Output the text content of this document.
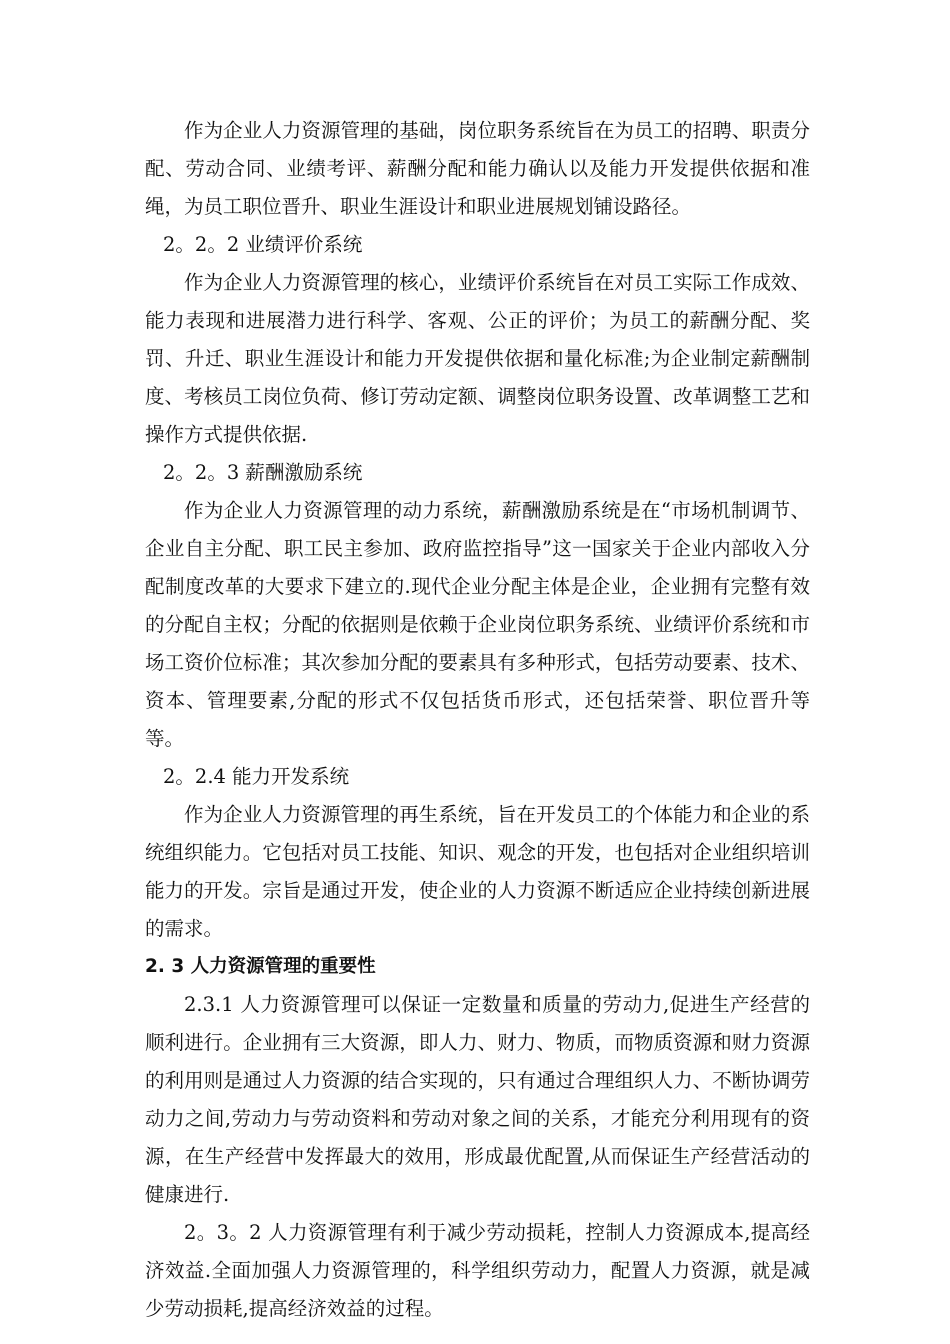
作为企业人力资源管理的基础，岗位职务系统旨在为员工的招聘、职责分配、劳动合同、业绩考评、薪酬分配和能力确认以及能力开发提供依据和准绳，为员工职位晋升、职业生涯设计和职业进展规划铺设路径。

2。2。2 业绩评价系统

作为企业人力资源管理的核心，业绩评价系统旨在对员工实际工作成效、能力表现和进展潜力进行科学、客观、公正的评价；为员工的薪酬分配、奖罚、升迁、职业生涯设计和能力开发提供依据和量化标准;为企业制定薪酬制度、考核员工岗位负荷、修订劳动定额、调整岗位职务设置、改革调整工艺和操作方式提供依据.

2。2。3 薪酬激励系统

作为企业人力资源管理的动力系统，薪酬激励系统是在“市场机制调节、企业自主分配、职工民主参加、政府监控指导”这一国家关于企业内部收入分配制度改革的大要求下建立的.现代企业分配主体是企业，企业拥有完整有效的分配自主权；分配的依据则是依赖于企业岗位职务系统、业绩评价系统和市场工资价位标准；其次参加分配的要素具有多种形式，包括劳动要素、技术、资本、管理要素,分配的形式不仅包括货币形式，还包括荣誉、职位晋升等等。

2。2.4 能力开发系统

作为企业人力资源管理的再生系统，旨在开发员工的个体能力和企业的系统组织能力。它包括对员工技能、知识、观念的开发，也包括对企业组织培训能力的开发。宗旨是通过开发，使企业的人力资源不断适应企业持续创新进展的需求。

2. 3 人力资源管理的重要性

2.3.1 人力资源管理可以保证一定数量和质量的劳动力,促进生产经营的顺利进行。企业拥有三大资源，即人力、财力、物质，而物质资源和财力资源的利用则是通过人力资源的结合实现的，只有通过合理组织人力、不断协调劳动力之间,劳动力与劳动资料和劳动对象之间的关系，才能充分利用现有的资源，在生产经营中发挥最大的效用，形成最优配置,从而保证生产经营活动的健康进行.

2。3。2 人力资源管理有利于减少劳动损耗，控制人力资源成本,提高经济效益.全面加强人力资源管理的，科学组织劳动力，配置人力资源，就是减少劳动损耗,提高经济效益的过程。
